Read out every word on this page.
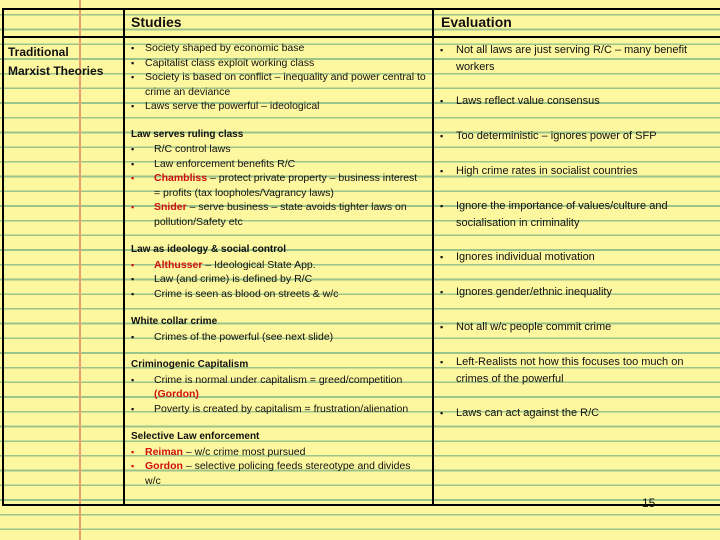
Studies	Evaluation
Traditional
Marxist Theories
▪ Society shaped by economic base
▪ Capitalist class exploit working class
▪ Society is based on conflict – inequality and power central to crime an deviance
▪ Laws serve the powerful – ideological
Law serves ruling class
▪ R/C control laws
▪ Law enforcement benefits R/C
▪ Chambliss – protect private property – business interest = profits (tax loopholes/Vagrancy laws)
▪ Snider – serve business – state avoids tighter laws on pollution/Safety etc
Law as ideology & social control
▪ Althusser – Ideological State App.
▪ Law (and crime) is defined by R/C
▪ Crime is seen as blood on streets & w/c
White collar crime
▪ Crimes of the powerful (see next slide)
Criminogenic Capitalism
▪ Crime is normal under capitalism = greed/competition
(Gordon)
▪ Poverty is created by capitalism = frustration/alienation
Selective Law enforcement
▪ Reiman – w/c crime most pursued
▪ Gordon – selective policing feeds stereotype and divides w/c
▪ Not all laws are just serving R/C – many benefit workers
▪ Laws reflect value consensus
▪ Too deterministic – ignores power of SFP
▪ High crime rates in socialist countries
▪ Ignore the importance of values/culture and socialisation in criminality
▪ Ignores individual motivation
▪ Ignores gender/ethnic inequality
▪ Not all w/c people commit crime
▪ Left-Realists not how this focuses too much on crimes of the powerful
▪ Laws can act against the R/C
15
